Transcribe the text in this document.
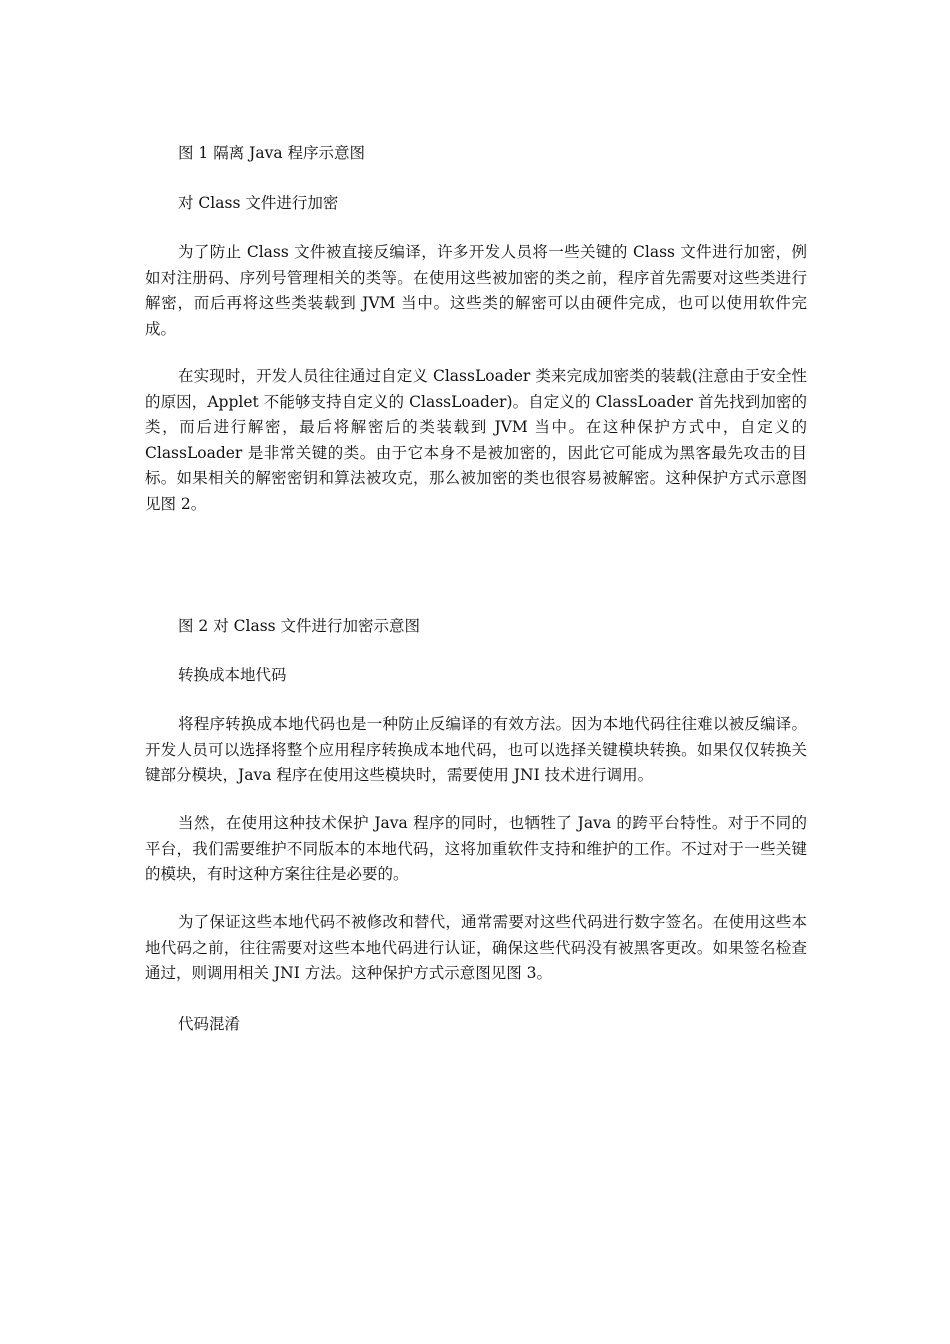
图 1 隔离 Java 程序示意图
对 Class 文件进行加密
为了防止 Class 文件被直接反编译，许多开发人员将一些关键的 Class 文件进行加密，例如对注册码、序列号管理相关的类等。在使用这些被加密的类之前，程序首先需要对这些类进行解密，而后再将这些类装载到 JVM 当中。这些类的解密可以由硬件完成，也可以使用软件完成。
在实现时，开发人员往往通过自定义 ClassLoader 类来完成加密类的装载(注意由于安全性的原因，Applet 不能够支持自定义的 ClassLoader)。自定义的 ClassLoader 首先找到加密的类，而后进行解密，最后将解密后的类装载到 JVM 当中。在这种保护方式中，自定义的 ClassLoader 是非常关键的类。由于它本身不是被加密的，因此它可能成为黑客最先攻击的目标。如果相关的解密密钥和算法被攻克，那么被加密的类也很容易被解密。这种保护方式示意图见图 2。
图 2 对 Class 文件进行加密示意图
转换成本地代码
将程序转换成本地代码也是一种防止反编译的有效方法。因为本地代码往往难以被反编译。开发人员可以选择将整个应用程序转换成本地代码，也可以选择关键模块转换。如果仅仅转换关键部分模块，Java 程序在使用这些模块时，需要使用 JNI 技术进行调用。
当然，在使用这种技术保护 Java 程序的同时，也牺牲了 Java 的跨平台特性。对于不同的平台，我们需要维护不同版本的本地代码，这将加重软件支持和维护的工作。不过对于一些关键的模块，有时这种方案往往是必要的。
为了保证这些本地代码不被修改和替代，通常需要对这些代码进行数字签名。在使用这些本地代码之前，往往需要对这些本地代码进行认证，确保这些代码没有被黑客更改。如果签名检查通过，则调用相关 JNI 方法。这种保护方式示意图见图 3。
代码混淆
